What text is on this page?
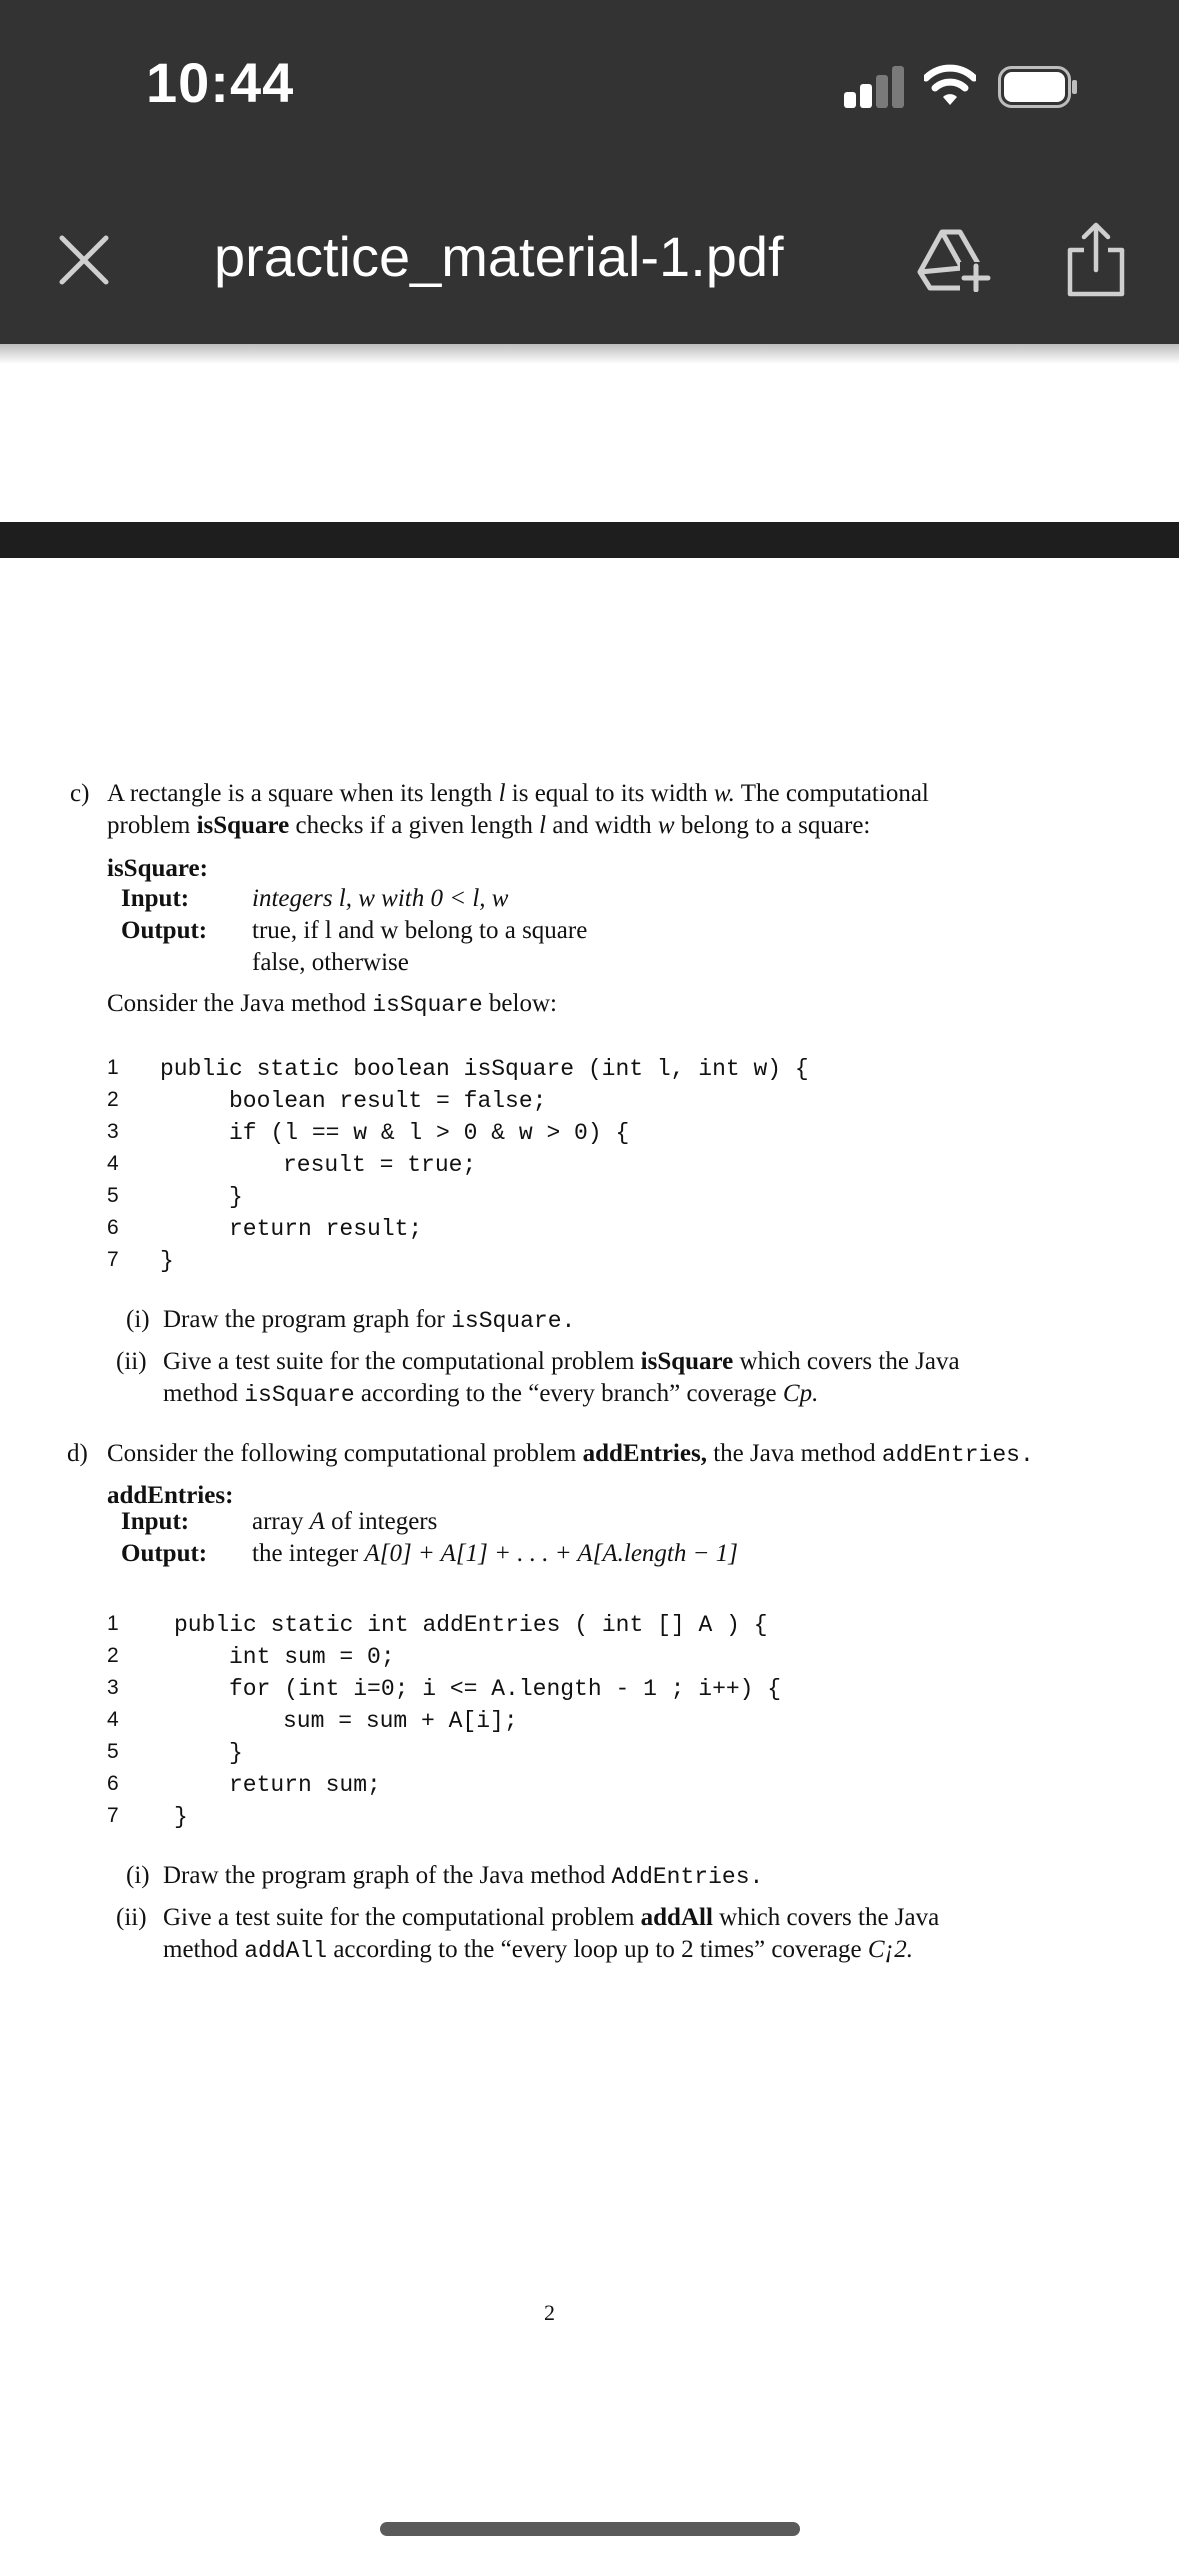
10:44
practice_material-1.pdf
c) A rectangle is a square when its length l is equal to its width w. The computational
problem isSquare checks if a given length l and width w belong to a square:
isSquare:
Input:	integers l, w with 0 < l, w
Output: true, if l and w belong to a square
false, otherwise
Consider the Java method isSquare below:
1 public static boolean isSquare (int l, int w) {
2	boolean result = false;
3	if (l == w & l > 0 & w > 0) {
4	result = true;
5	}
6	return result;
7 }
(i) Draw the program graph for isSquare.
(ii) Give a test suite for the computational problem isSquare which covers the Java
method isSquare according to the “every branch” coverage Cp.
d) Consider the following computational problem addEntries, the Java method addEntries.
addEntries:
Input:	array A of integers
Output: the integer A[0] + A[1] + . . . + A[A.length − 1]
1 public static int addEntries ( int [] A ) {
2	int sum = 0;
3	for (int i=0; i <= A.length - 1 ; i++) {
4	sum = sum + A[i];
5	}
6	return sum;
7 }
(i) Draw the program graph of the Java method AddEntries.
(ii) Give a test suite for the computational problem addAll which covers the Java
method addAll according to the “every loop up to 2 times” coverage C¡2.
2
